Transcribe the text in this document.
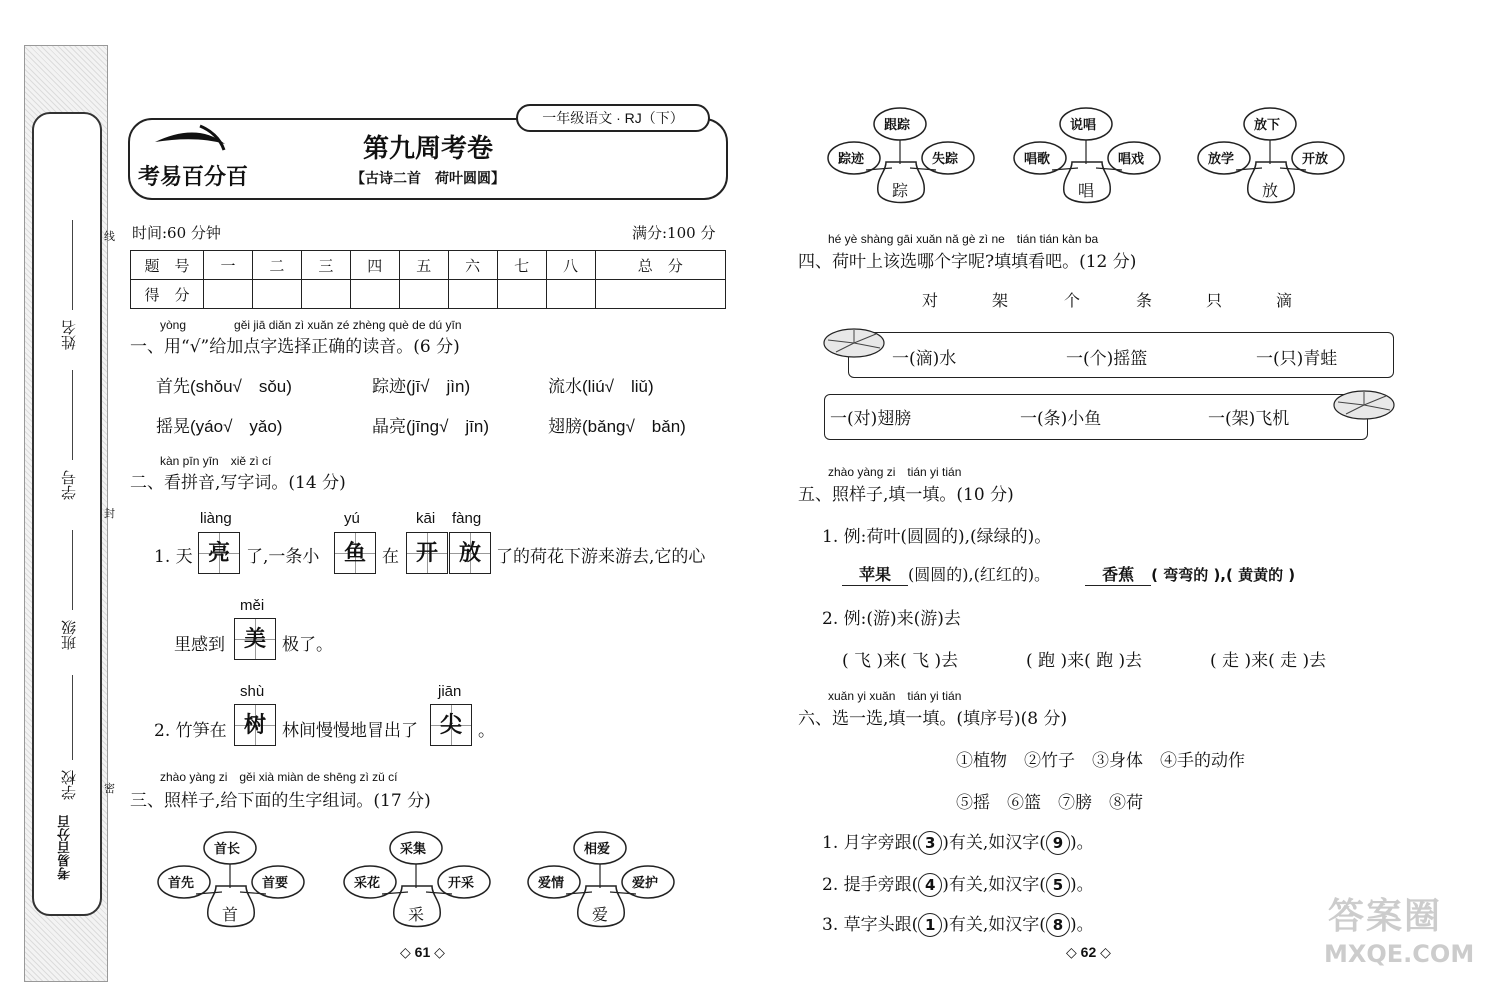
姓名
学号
班级
学校
考易百分百
线
封
密
考易百分百
一年级语文 · RJ（下）
第九周考卷
【古诗二首　荷叶圆圆】
时间:60 分钟	满分:100 分
题　号	一	二	三	四	五	六	七	八	总　分
得　分									
yòng　　　　gěi jiā diǎn zì xuǎn zé zhèng què de dú yīn
一、用“√”给加点字选择正确的读音。(6 分)
首先(shǒu√　sǒu)	踪迹(jī√　jìn)	流水(liú√　liǔ)
摇晃(yáo√　yǎo)	晶亮(jīng√　jīn)	翅膀(bǎng√　bǎn)
kàn pīn yīn　xiě zì cí
二、看拼音,写字词。(14 分)
1. 天
liàng
亮 了,一条小
yú
鱼 在
kāi fàng
开 放 了的荷花下游来游去,它的心
里感到
měi
美 极了。
2. 竹笋在
shù
树 林间慢慢地冒出了
jiān
尖 。
zhào yàng zi　gěi xià miàn de shēng zì zǔ cí
三、照样子,给下面的生字组词。(17 分)
首长
首先	首要
首
采集
采花	开采
采
相爱
爱情	爱护
爱
◇ 61 ◇
跟踪
踪迹	失踪
踪
说唱
唱歌	唱戏
唱
放下
放学	开放
放
hé yè shàng gāi xuǎn nǎ gè zì ne　tián tián kàn ba
四、荷叶上该选哪个字呢?填填看吧。(12 分)
对	架	个	条	只	滴
一(滴)水	一(个)摇篮	一(只)青蛙
一(对)翅膀	一(条)小鱼	一(架)飞机
zhào yàng zi　tián yi tián
五、照样子,填一填。(10 分)
1. 例:荷叶(圆圆的),(绿绿的)。
苹果 (圆圆的),(红红的)。	香蕉 ( 弯弯的 ),( 黄黄的 )
2. 例:(游)来(游)去
( 飞 )来( 飞 )去	( 跑 )来( 跑 )去	( 走 )来( 走 )去
xuǎn yi xuǎn　tián yi tián
六、选一选,填一填。(填序号)(8 分)
①植物　②竹子　③身体　④手的动作
⑤摇　⑥篮　⑦膀　⑧荷
1. 月字旁跟( 3 )有关,如汉字( 9 )。
2. 提手旁跟( 4 )有关,如汉字( 5 )。
3. 草字头跟( 1 )有关,如汉字( 8 )。
◇ 62 ◇
答案圈
MXQE.COM
